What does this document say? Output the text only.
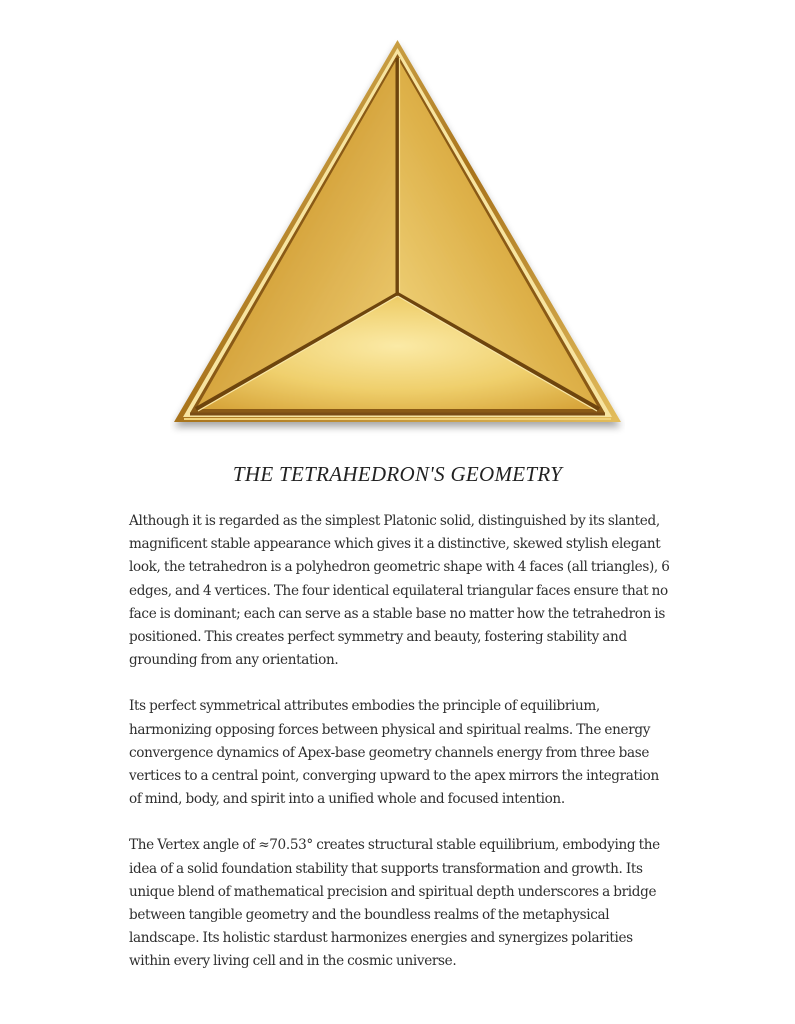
THE TETRAHEDRON'S GEOMETRY

Although it is regarded as the simplest Platonic solid, distinguished by its slanted, magnificent stable appearance which gives it a distinctive, skewed stylish elegant look, the tetrahedron is a polyhedron geometric shape with 4 faces (all triangles), 6 edges, and 4 vertices. The four identical equilateral triangular faces ensure that no face is dominant; each can serve as a stable base no matter how the tetrahedron is positioned. This creates perfect symmetry and beauty, fostering stability and grounding from any orientation.

Its perfect symmetrical attributes embodies the principle of equilibrium, harmonizing opposing forces between physical and spiritual realms. The energy convergence dynamics of Apex-base geometry channels energy from three base vertices to a central point, converging upward to the apex mirrors the integration of mind, body, and spirit into a unified whole and focused intention.

The Vertex angle of ≈70.53° creates structural stable equilibrium, embodying the idea of a solid foundation stability that supports transformation and growth. Its unique blend of mathematical precision and spiritual depth underscores a bridge between tangible geometry and the boundless realms of the metaphysical landscape. Its holistic stardust harmonizes energies and synergizes polarities within every living cell and in the cosmic universe.
